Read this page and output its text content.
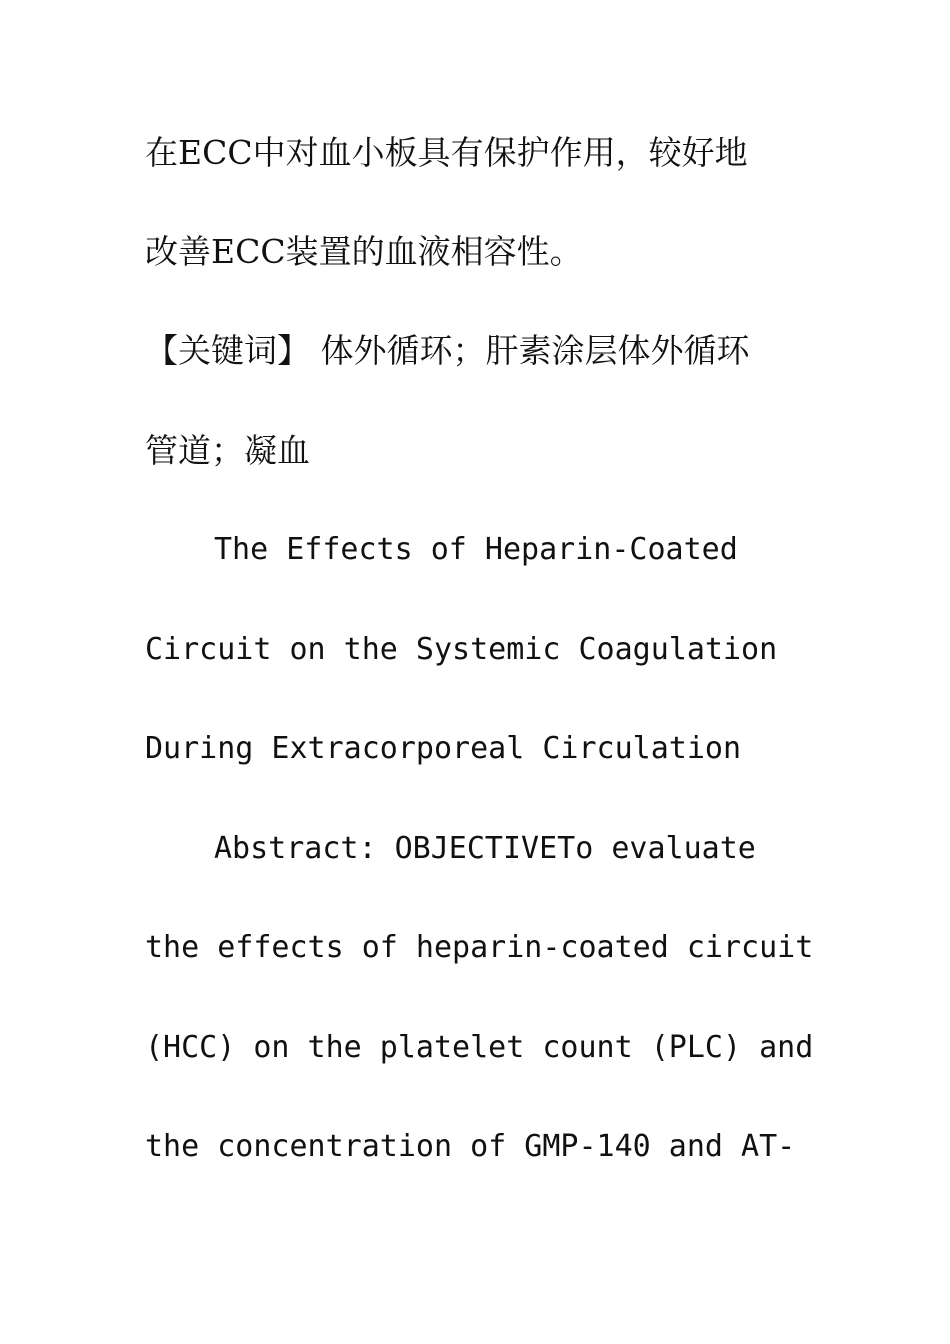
在ECC中对血小板具有保护作用，较好地
改善ECC装置的血液相容性。
【关键词】 体外循环；肝素涂层体外循环
管道；凝血
The Effects of Heparin-Coated
Circuit on the Systemic Coagulation
During Extracorporeal Circulation
Abstract: OBJECTIVETo evaluate
the effects of heparin-coated circuit
(HCC) on the platelet count (PLC) and
the concentration of GMP-140 and AT-
